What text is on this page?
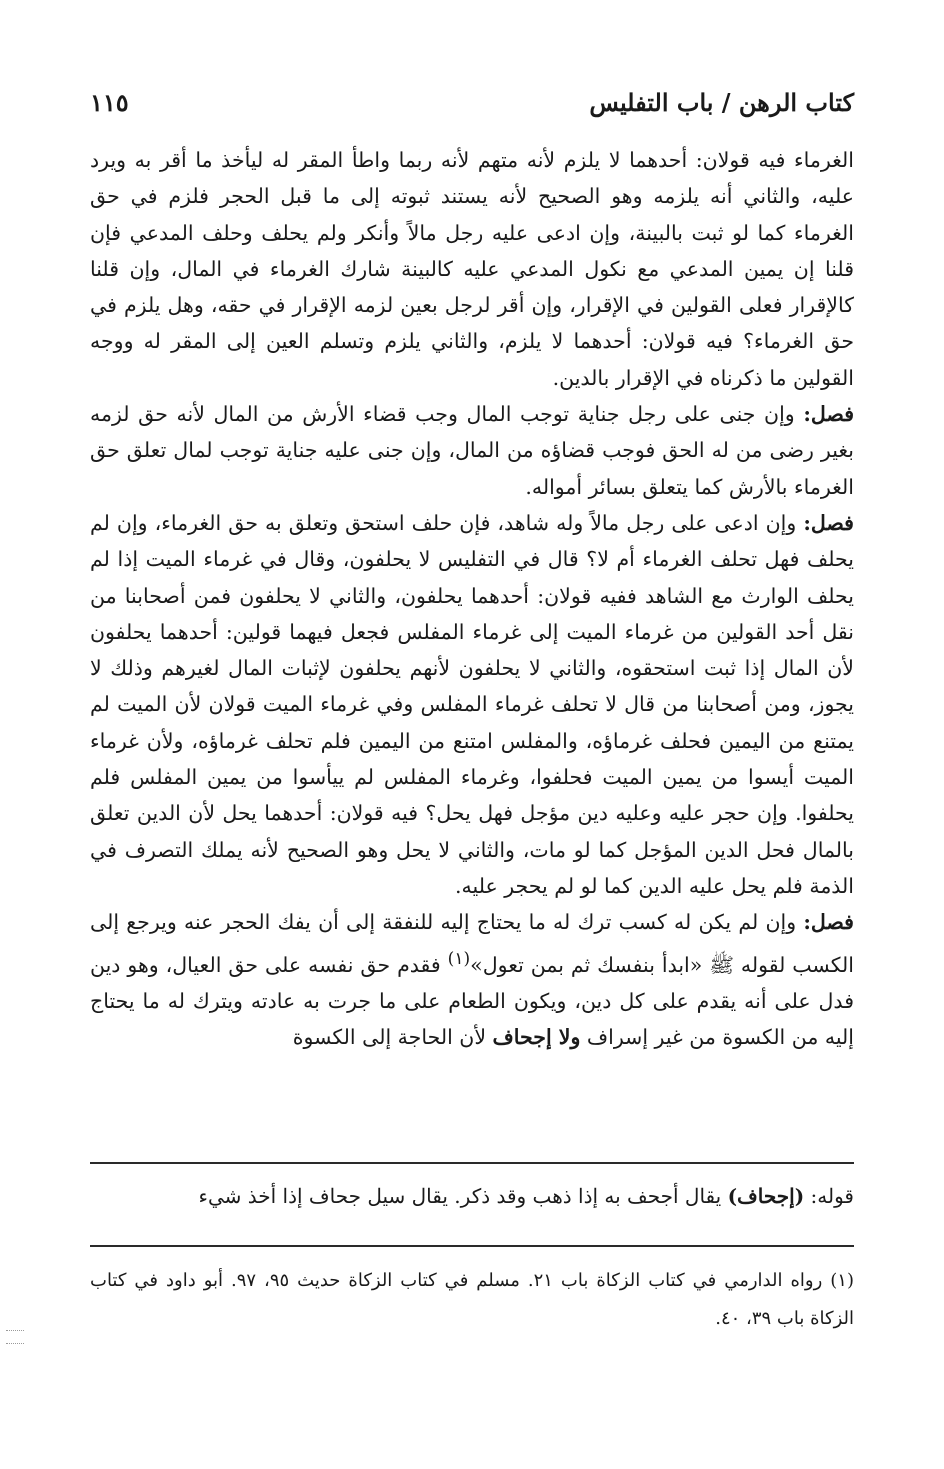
كتاب الرهن / باب التفليس
١١٥

الغرماء فيه قولان: أحدهما لا يلزم لأنه متهم لأنه ربما واطأ المقر له ليأخذ ما أقر به ويرد عليه، والثاني أنه يلزمه وهو الصحيح لأنه يستند ثبوته إلى ما قبل الحجر فلزم في حق الغرماء كما لو ثبت بالبينة، وإن ادعى عليه رجل مالاً وأنكر ولم يحلف وحلف المدعي فإن قلنا إن يمين المدعي مع نكول المدعي عليه كالبينة شارك الغرماء في المال، وإن قلنا كالإقرار فعلى القولين في الإقرار، وإن أقر لرجل بعين لزمه الإقرار في حقه، وهل يلزم في حق الغرماء؟ فيه قولان: أحدهما لا يلزم، والثاني يلزم وتسلم العين إلى المقر له ووجه القولين ما ذكرناه في الإقرار بالدين.

فصل: وإن جنى على رجل جناية توجب المال وجب قضاء الأرش من المال لأنه حق لزمه بغير رضى من له الحق فوجب قضاؤه من المال، وإن جنى عليه جناية توجب لمال تعلق حق الغرماء بالأرش كما يتعلق بسائر أمواله.

فصل: وإن ادعى على رجل مالاً وله شاهد، فإن حلف استحق وتعلق به حق الغرماء، وإن لم يحلف فهل تحلف الغرماء أم لا؟ قال في التفليس لا يحلفون، وقال في غرماء الميت إذا لم يحلف الوارث مع الشاهد ففيه قولان: أحدهما يحلفون، والثاني لا يحلفون فمن أصحابنا من نقل أحد القولين من غرماء الميت إلى غرماء المفلس فجعل فيهما قولين: أحدهما يحلفون لأن المال إذا ثبت استحقوه، والثاني لا يحلفون لأنهم يحلفون لإثبات المال لغيرهم وذلك لا يجوز، ومن أصحابنا من قال لا تحلف غرماء المفلس وفي غرماء الميت قولان لأن الميت لم يمتنع من اليمين فحلف غرماؤه، والمفلس امتنع من اليمين فلم تحلف غرماؤه، ولأن غرماء الميت أيسوا من يمين الميت فحلفوا، وغرماء المفلس لم ييأسوا من يمين المفلس فلم يحلفوا. وإن حجر عليه وعليه دين مؤجل فهل يحل؟ فيه قولان: أحدهما يحل لأن الدين تعلق بالمال فحل الدين المؤجل كما لو مات، والثاني لا يحل وهو الصحيح لأنه يملك التصرف في الذمة فلم يحل عليه الدين كما لو لم يحجر عليه.

فصل: وإن لم يكن له كسب ترك له ما يحتاج إليه للنفقة إلى أن يفك الحجر عنه ويرجع إلى الكسب لقوله ﷺ «ابدأ بنفسك ثم بمن تعول»$^{(١)}$ فقدم حق نفسه على حق العيال، وهو دين فدل على أنه يقدم على كل دين، ويكون الطعام على ما جرت به عادته ويترك له ما يحتاج إليه من الكسوة من غير إسراف ولا إجحاف لأن الحاجة إلى الكسوة

قوله: (إجحاف) يقال أجحف به إذا ذهب وقد ذكر. يقال سيل جحاف إذا أخذ شيء
(١) رواه الدارمي في كتاب الزكاة باب ٢١. مسلم في كتاب الزكاة حديث ٩٥، ٩٧. أبو داود في كتاب الزكاة باب ٣٩، ٤٠.
